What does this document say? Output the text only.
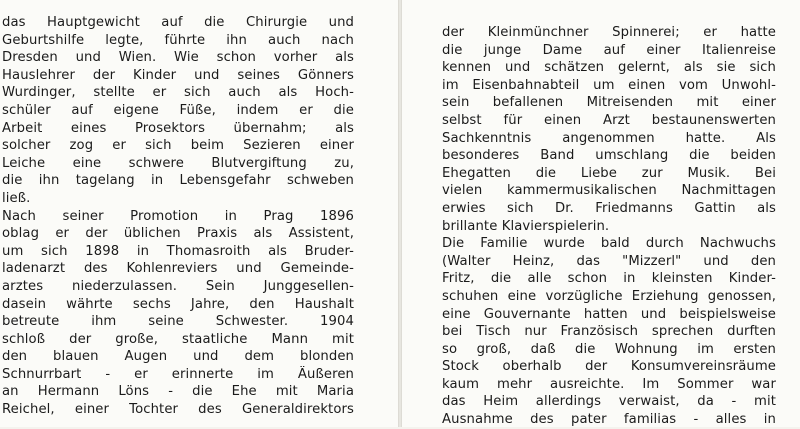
das Hauptgewicht auf die Chirurgie und
Geburtshilfe legte, führte ihn auch nach
Dresden und Wien. Wie schon vorher als
Hauslehrer der Kinder und seines Gönners
Wurdinger, stellte er sich auch als Hoch-
schüler auf eigene Füße, indem er die
Arbeit eines Prosektors übernahm; als
solcher zog er sich beim Sezieren einer
Leiche eine schwere Blutvergiftung zu,
die ihn tagelang in Lebensgefahr schweben
ließ.
Nach seiner Promotion in Prag 1896
oblag er der üblichen Praxis als Assistent,
um sich 1898 in Thomasroith als Bruder-
ladenarzt des Kohlenreviers und Gemeinde-
arztes niederzulassen. Sein Junggesellen-
dasein währte sechs Jahre, den Haushalt
betreute ihm seine Schwester. 1904
schloß der große, staatliche Mann mit
den blauen Augen und dem blonden
Schnurrbart - er erinnerte im Äußeren
an Hermann Löns - die Ehe mit Maria
Reichel, einer Tochter des Generaldirektors
der Kleinmünchner Spinnerei; er hatte
die junge Dame auf einer Italienreise
kennen und schätzen gelernt, als sie sich
im Eisenbahnabteil um einen vom Unwohl-
sein befallenen Mitreisenden mit einer
selbst für einen Arzt bestaunenswerten
Sachkenntnis angenommen hatte. Als
besonderes Band umschlang die beiden
Ehegatten die Liebe zur Musik. Bei
vielen kammermusikalischen Nachmittagen
erwies sich Dr. Friedmanns Gattin als
brillante Klavierspielerin.
Die Familie wurde bald durch Nachwuchs
(Walter Heinz, das "Mizzerl" und den
Fritz, die alle schon in kleinsten Kinder-
schuhen eine vorzügliche Erziehung genossen,
eine Gouvernante hatten und beispielsweise
bei Tisch nur Französisch sprechen durften
so groß, daß die Wohnung im ersten
Stock oberhalb der Konsumvereinsräume
kaum mehr ausreichte. Im Sommer war
das Heim allerdings verwaist, da - mit
Ausnahme des pater familias - alles in
